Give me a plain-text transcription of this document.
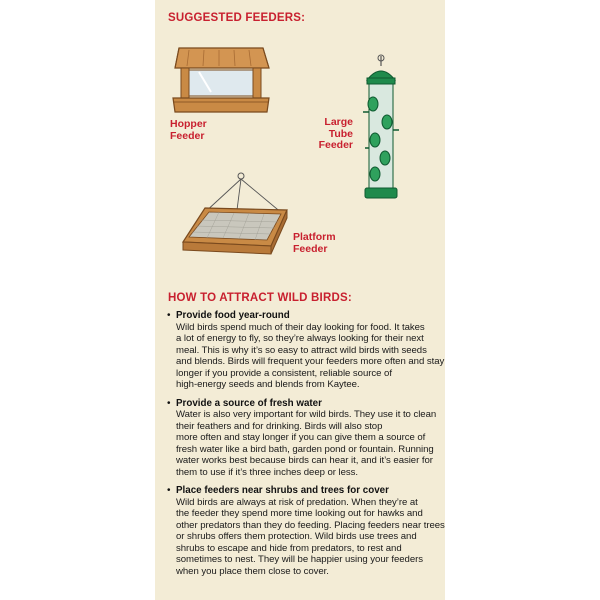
SUGGESTED FEEDERS:
Hopper
Feeder
Large
Tube
Feeder
Platform
Feeder
HOW TO ATTRACT WILD BIRDS:
• Provide food year-round
Wild birds spend much of their day looking for food. It takes
a lot of energy to fly, so they’re always looking for their next
meal. This is why it’s so easy to attract wild birds with seeds
and blends. Birds will frequent your feeders more often and stay
longer if you provide a consistent, reliable source of
high-energy seeds and blends from Kaytee.
• Provide a source of fresh water
Water is also very important for wild birds. They use it to clean
their feathers and for drinking. Birds will also stop
more often and stay longer if you can give them a source of
fresh water like a bird bath, garden pond or fountain. Running
water works best because birds can hear it, and it’s easier for
them to use if it’s three inches deep or less.
• Place feeders near shrubs and trees for cover
Wild birds are always at risk of predation. When they’re at
the feeder they spend more time looking out for hawks and
other predators than they do feeding. Placing feeders near trees
or shrubs offers them protection. Wild birds use trees and
shrubs to escape and hide from predators, to rest and
sometimes to nest. They will be happier using your feeders
when you place them close to cover.
